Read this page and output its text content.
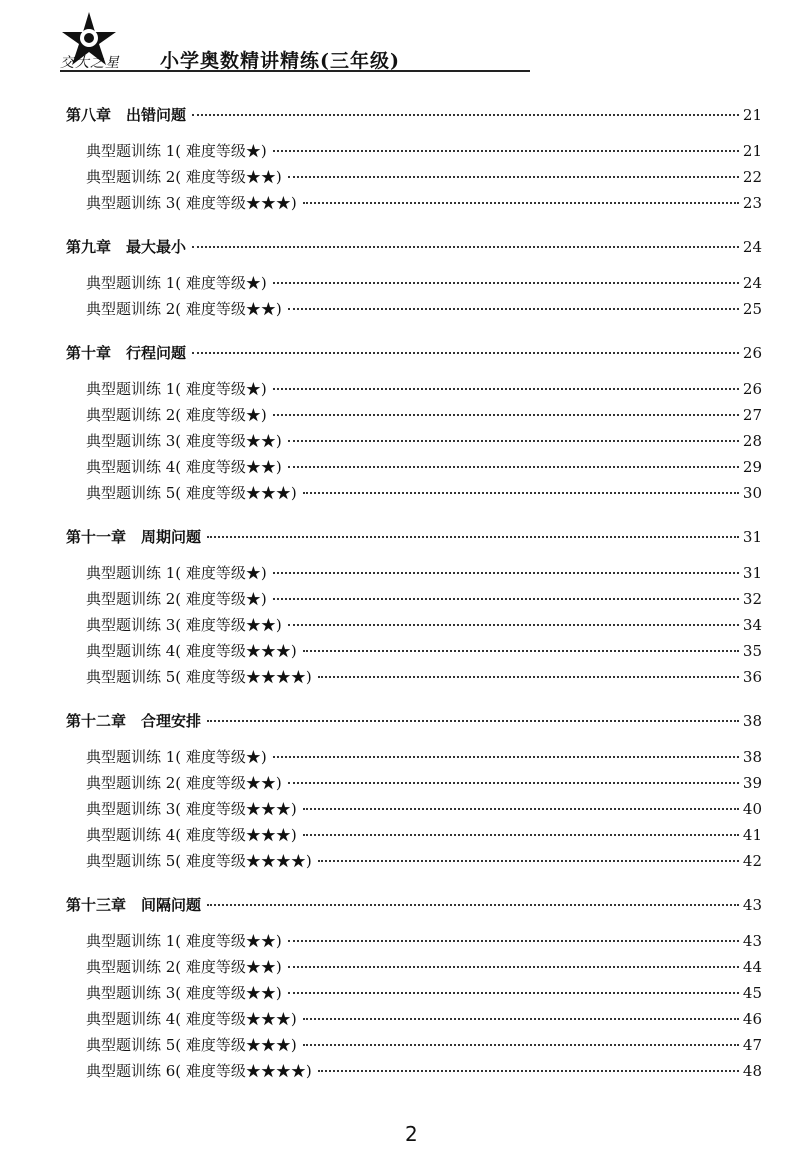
交大之星 小学奥数精讲精练(三年级)
第八章　出错问题	21
典型题训练 1( 难度等级★)	21
典型题训练 2( 难度等级★★)	22
典型题训练 3( 难度等级★★★)	23
第九章　最大最小	24
典型题训练 1( 难度等级★)	24
典型题训练 2( 难度等级★★)	25
第十章　行程问题	26
典型题训练 1( 难度等级★)	26
典型题训练 2( 难度等级★)	27
典型题训练 3( 难度等级★★)	28
典型题训练 4( 难度等级★★)	29
典型题训练 5( 难度等级★★★)	30
第十一章　周期问题	31
典型题训练 1( 难度等级★)	31
典型题训练 2( 难度等级★)	32
典型题训练 3( 难度等级★★)	34
典型题训练 4( 难度等级★★★)	35
典型题训练 5( 难度等级★★★★)	36
第十二章　合理安排	38
典型题训练 1( 难度等级★)	38
典型题训练 2( 难度等级★★)	39
典型题训练 3( 难度等级★★★)	40
典型题训练 4( 难度等级★★★)	41
典型题训练 5( 难度等级★★★★)	42
第十三章　间隔问题	43
典型题训练 1( 难度等级★★)	43
典型题训练 2( 难度等级★★)	44
典型题训练 3( 难度等级★★)	45
典型题训练 4( 难度等级★★★)	46
典型题训练 5( 难度等级★★★)	47
典型题训练 6( 难度等级★★★★)	48
2
